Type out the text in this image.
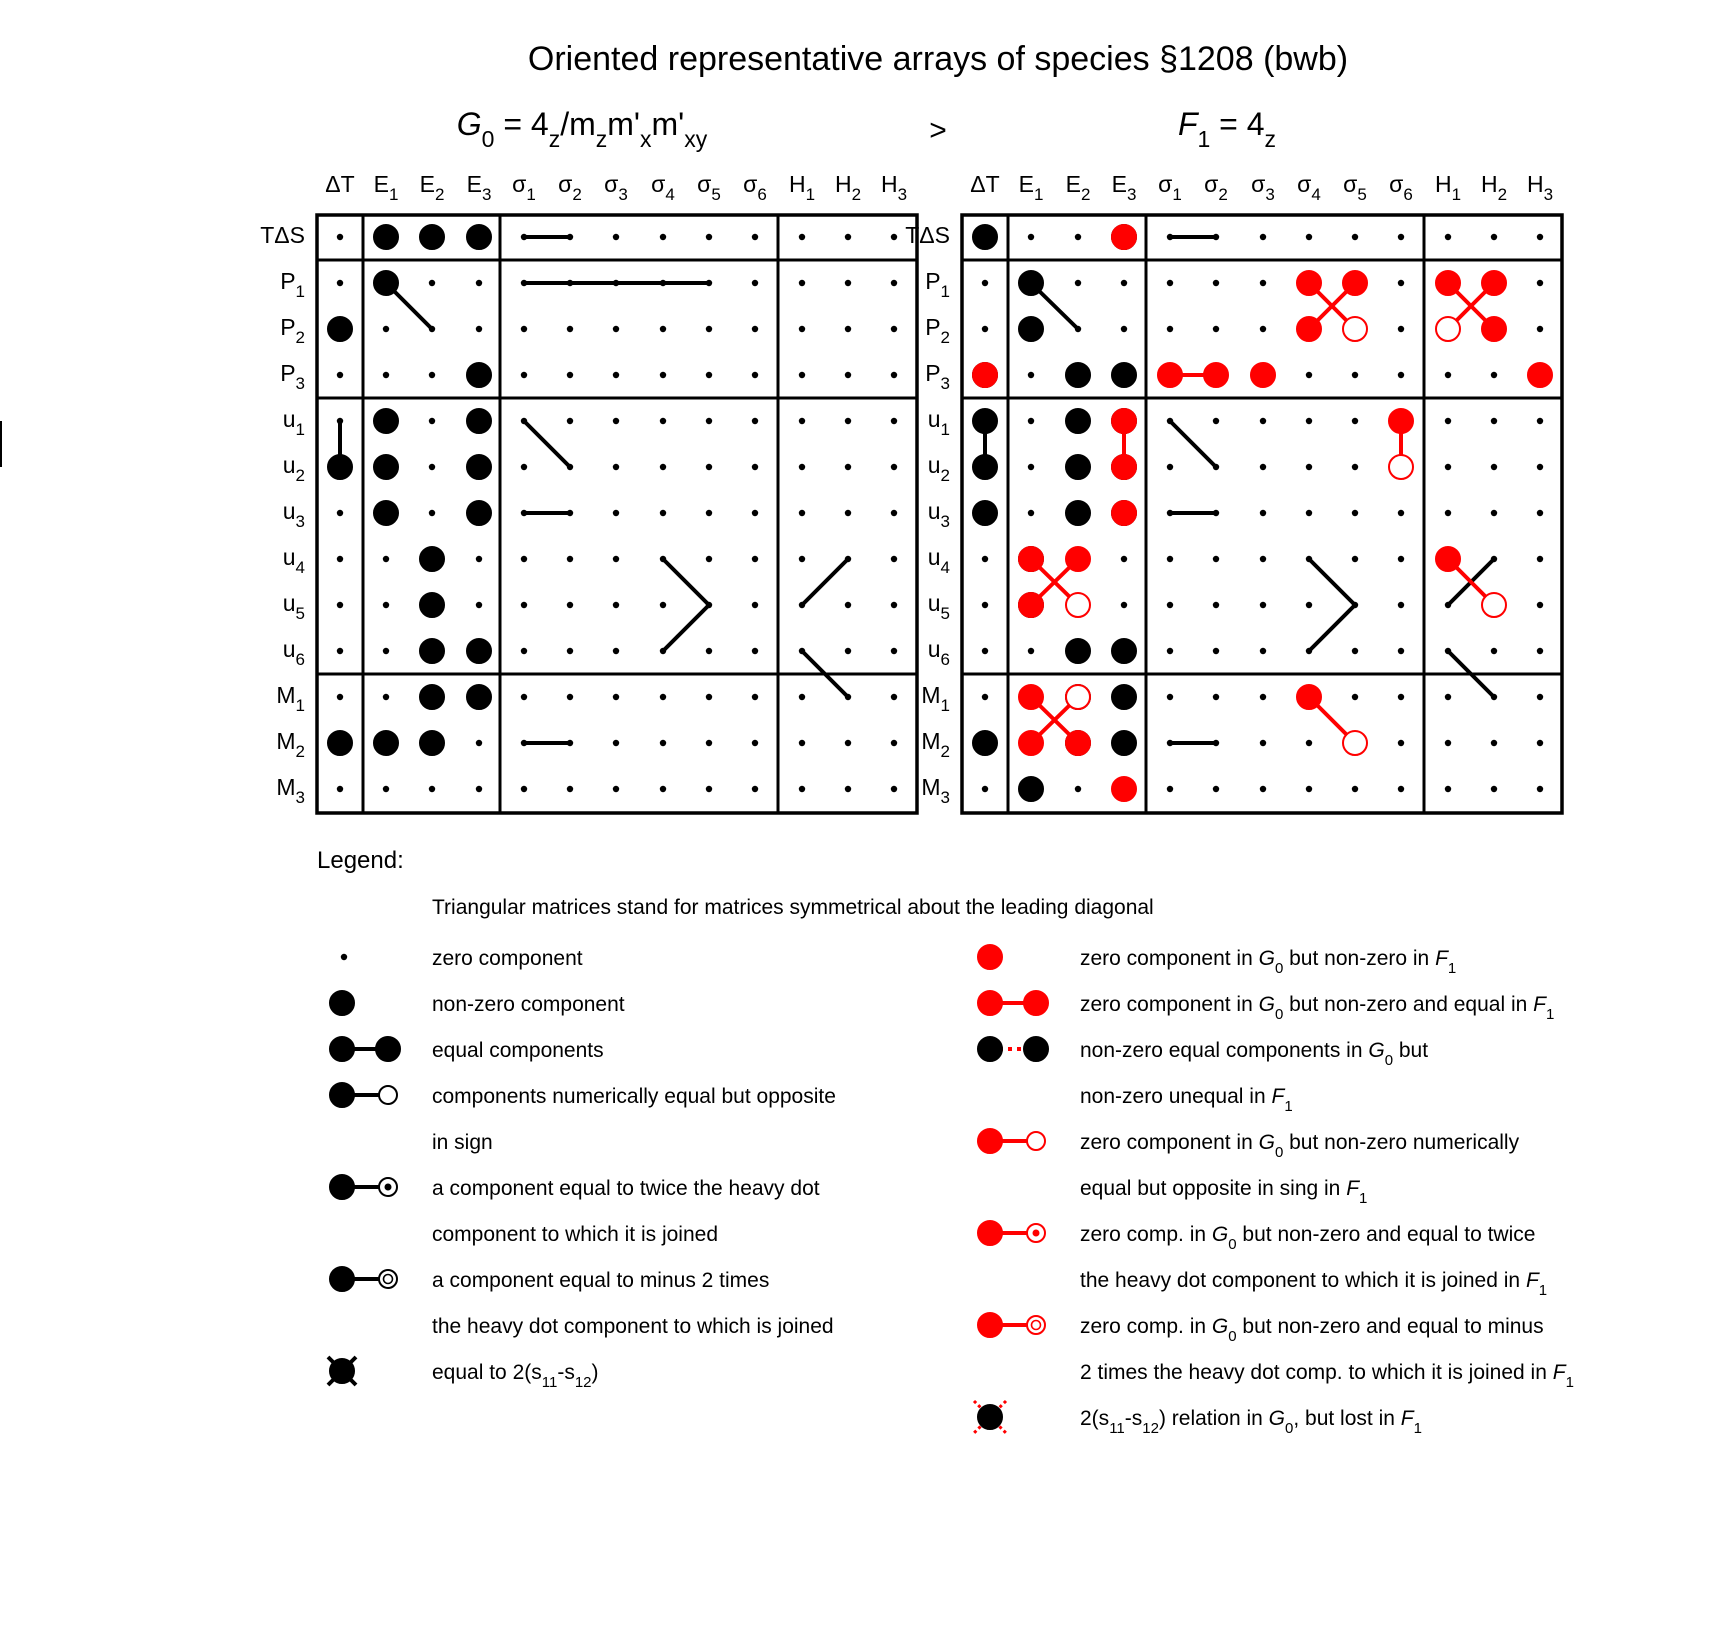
Oriented representative arrays of species §1208 (bwb)
>
$G_0 = 4_z/m_zm'_xm'_{xy}$
ΔT $E_1$ $E_2$ $E_3$ $\sigma_1$ $\sigma_2$ $\sigma_3$ $\sigma_4$ $\sigma_5$ $\sigma_6$ $H_1$ $H_2$ $H_3$
TΔS
$P_1$
$P_2$
$P_3$
$u_1$
$u_2$
$u_3$
$u_4$
$u_5$
$u_6$
$M_1$
$M_2$
$M_3$
$F_1 = 4_z$
ΔT $E_1$ $E_2$ $E_3$ $\sigma_1$ $\sigma_2$ $\sigma_3$ $\sigma_4$ $\sigma_5$ $\sigma_6$ $H_1$ $H_2$ $H_3$
TΔS
$P_1$
$P_2$
$P_3$
$u_1$
$u_2$
$u_3$
$u_4$
$u_5$
$u_6$
$M_1$
$M_2$
$M_3$
Legend:
Triangular matrices stand for matrices symmetrical about the leading diagonal
zero component
non-zero component
equal components
components numerically equal but opposite
in sign
a component equal to twice the heavy dot
component to which it is joined
a component equal to minus 2 times
the heavy dot component to which is joined
equal to $2(s_{11}-s_{12})$
zero component in $G_0$ but non-zero in $F_1$
zero component in $G_0$ but non-zero and equal in $F_1$
non-zero equal components in $G_0$ but
non-zero unequal in $F_1$
zero component in $G_0$ but non-zero numerically
equal but opposite in sing in $F_1$
zero comp. in $G_0$ but non-zero and equal to twice
the heavy dot component to which it is joined in $F_1$
zero comp. in $G_0$ but non-zero and equal to minus
2 times the heavy dot comp. to which it is joined in $F_1$
$2(s_{11}-s_{12})$ relation in $G_0$, but lost in $F_1$
